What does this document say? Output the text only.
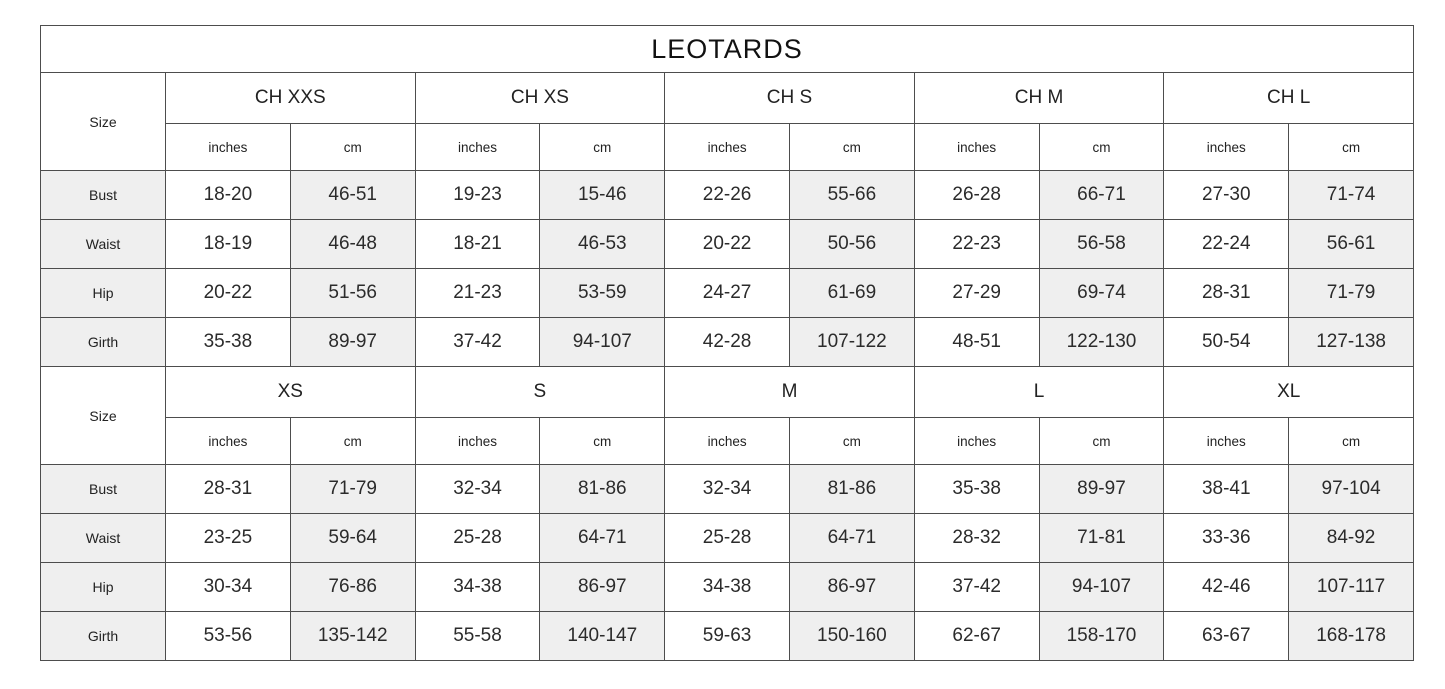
LEOTARDS										
Size	CH XXS		CH XS		CH S		CH M		CH L	
	inches	cm	inches	cm	inches	cm	inches	cm	inches	cm
Bust	18-20	46-51	19-23	15-46	22-26	55-66	26-28	66-71	27-30	71-74
Waist	18-19	46-48	18-21	46-53	20-22	50-56	22-23	56-58	22-24	56-61
Hip	20-22	51-56	21-23	53-59	24-27	61-69	27-29	69-74	28-31	71-79
Girth	35-38	89-97	37-42	94-107	42-28	107-122	48-51	122-130	50-54	127-138
Size	XS		S		M		L		XL	
	inches	cm	inches	cm	inches	cm	inches	cm	inches	cm
Bust	28-31	71-79	32-34	81-86	32-34	81-86	35-38	89-97	38-41	97-104
Waist	23-25	59-64	25-28	64-71	25-28	64-71	28-32	71-81	33-36	84-92
Hip	30-34	76-86	34-38	86-97	34-38	86-97	37-42	94-107	42-46	107-117
Girth	53-56	135-142	55-58	140-147	59-63	150-160	62-67	158-170	63-67	168-178
